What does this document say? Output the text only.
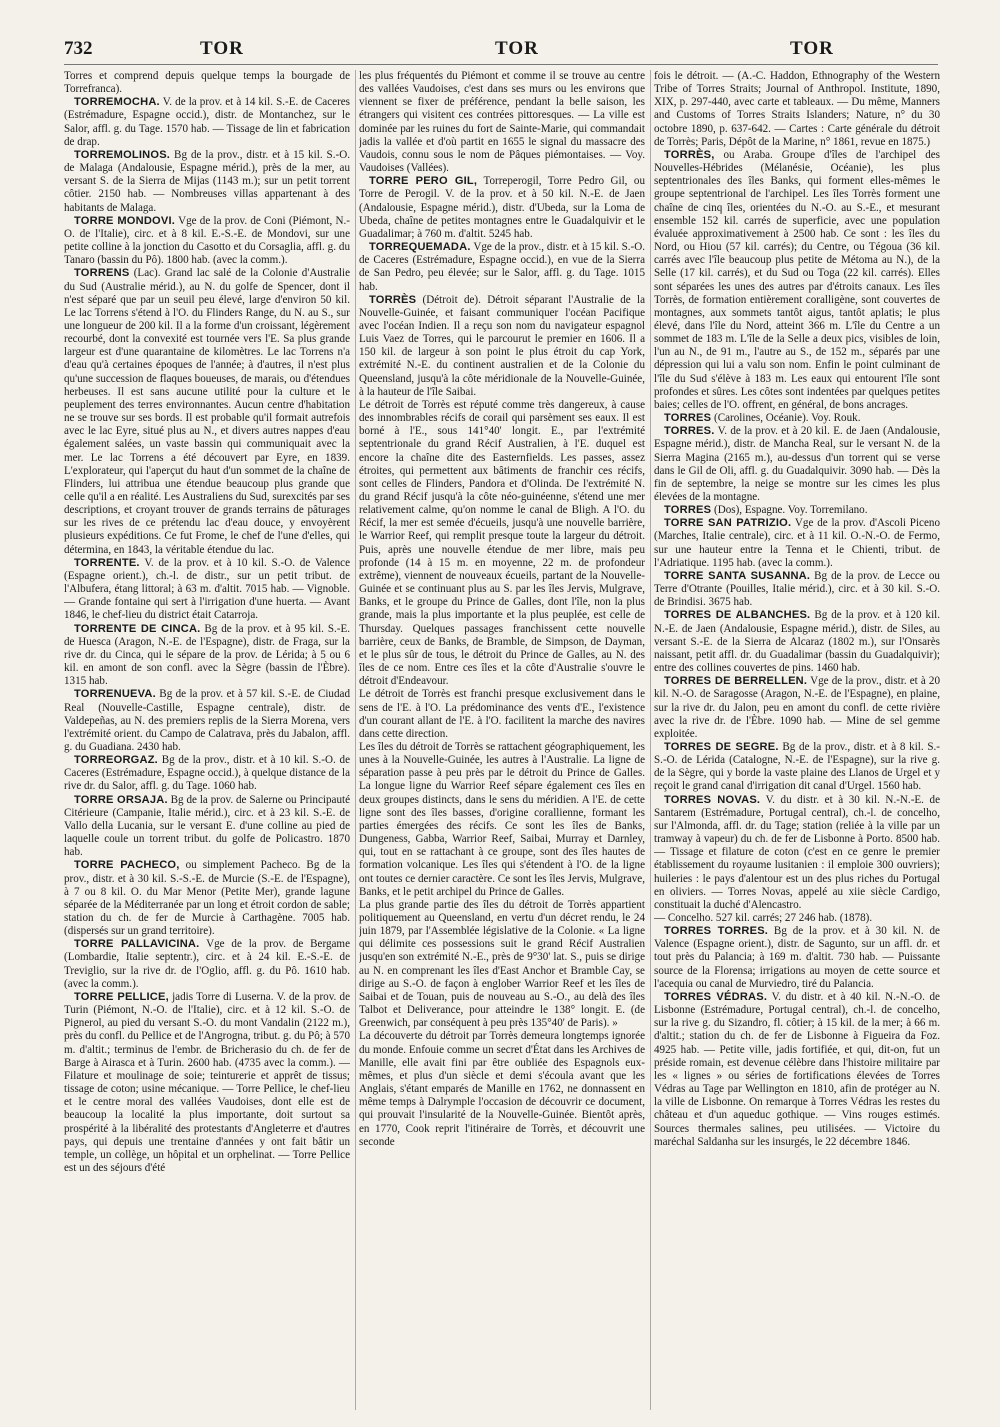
732	TOR	TOR	TOR

Torres et comprend depuis quelque temps la bourgade de Torrefranca).

TORREMOCHA. V. de la prov. et à 14 kil. S.-E. de Caceres (Estrémadure, Espagne occid.), distr. de Montanchez, sur le Salor, affl. g. du Tage. 1570 hab. — Tissage de lin et fabrication de drap.

TORREMOLINOS. Bg de la prov., distr. et à 15 kil. S.-O. de Malaga (Andalousie, Espagne mérid.), près de la mer, au versant S. de la Sierra de Mijas (1143 m.); sur un petit torrent côtier. 2150 hab. — Nombreuses villas appartenant à des habitants de Malaga.

TORRE MONDOVI. Vge de la prov. de Coni (Piémont, N.-O. de l'Italie), circ. et à 8 kil. E.-S.-E. de Mondovi, sur une petite colline à la jonction du Casotto et du Corsaglia, affl. g. du Tanaro (bassin du Pô). 1800 hab. (avec la comm.).

TORRENS (Lac). Grand lac salé de la Colonie d'Australie du Sud (Australie mérid.), au N. du golfe de Spencer, dont il n'est séparé que par un seuil peu élevé, large d'environ 50 kil. Le lac Torrens s'étend à l'O. du Flinders Range, du N. au S., sur une longueur de 200 kil. Il a la forme d'un croissant, légèrement recourbé, dont la convexité est tournée vers l'E. Sa plus grande largeur est d'une quarantaine de kilomètres. Le lac Torrens n'a d'eau qu'à certaines époques de l'année; à d'autres, il n'est plus qu'une succession de flaques boueuses, de marais, ou d'étendues herbeuses. Il est sans aucune utilité pour la culture et le peuplement des terres environnantes. Aucun centre d'habitation ne se trouve sur ses bords. Il est probable qu'il formait autrefois avec le lac Eyre, situé plus au N., et divers autres nappes d'eau également salées, un vaste bassin qui communiquait avec la mer. Le lac Torrens a été découvert par Eyre, en 1839. L'explorateur, qui l'aperçut du haut d'un sommet de la chaîne de Flinders, lui attribua une étendue beaucoup plus grande que celle qu'il a en réalité. Les Australiens du Sud, surexcités par ses descriptions, et croyant trouver de grands terrains de pâturages sur les rives de ce prétendu lac d'eau douce, y envoyèrent plusieurs expéditions. Ce fut Frome, le chef de l'une d'elles, qui détermina, en 1843, la véritable étendue du lac.

TORRENTE. V. de la prov. et à 10 kil. S.-O. de Valence (Espagne orient.), ch.-l. de distr., sur un petit tribut. de l'Albufera, étang littoral; à 63 m. d'altit. 7015 hab. — Vignoble. — Grande fontaine qui sert à l'irrigation d'une huerta. — Avant 1846, le chef-lieu du district était Catarroja.

TORRENTE DE CINCA. Bg de la prov. et à 95 kil. S.-E. de Huesca (Aragon, N.-E. de l'Espagne), distr. de Fraga, sur la rive dr. du Cinca, qui le sépare de la prov. de Lérida; à 5 ou 6 kil. en amont de son confl. avec la Sègre (bassin de l'Èbre). 1315 hab.

TORRENUEVA. Bg de la prov. et à 57 kil. S.-E. de Ciudad Real (Nouvelle-Castille, Espagne centrale), distr. de Valdepeñas, au N. des premiers replis de la Sierra Morena, vers l'extrémité orient. du Campo de Calatrava, près du Jabalon, affl. g. du Guadiana. 2430 hab.

TORREORGAZ. Bg de la prov., distr. et à 10 kil. S.-O. de Caceres (Estrémadure, Espagne occid.), à quelque distance de la rive dr. du Salor, affl. g. du Tage. 1060 hab.

TORRE ORSAJA. Bg de la prov. de Salerne ou Principauté Citérieure (Campanie, Italie mérid.), circ. et à 23 kil. S.-E. de Vallo della Lucania, sur le versant E. d'une colline au pied de laquelle coule un torrent tribut. du golfe de Policastro. 1870 hab.

TORRE PACHECO, ou simplement Pacheco. Bg de la prov., distr. et à 30 kil. S.-S.-E. de Murcie (S.-E. de l'Espagne), à 7 ou 8 kil. O. du Mar Menor (Petite Mer), grande lagune séparée de la Méditerranée par un long et étroit cordon de sable; station du ch. de fer de Murcie à Carthagène. 7005 hab. (dispersés sur un grand territoire).

TORRE PALLAVICINA. Vge de la prov. de Bergame (Lombardie, Italie septentr.), circ. et à 24 kil. E.-S.-E. de Treviglio, sur la rive dr. de l'Oglio, affl. g. du Pô. 1610 hab. (avec la comm.).

TORRE PELLICE, jadis Torre di Luserna. V. de la prov. de Turin (Piémont, N.-O. de l'Italie), circ. et à 12 kil. S.-O. de Pignerol, au pied du versant S.-O. du mont Vandalin (2122 m.), près du confl. du Pellice et de l'Angrogna, tribut. g. du Pô; à 570 m. d'altit.; terminus de l'embr. de Bricherasio du ch. de fer de Barge à Airasca et à Turin. 2600 hab. (4735 avec la comm.). — Filature et moulinage de soie; teinturerie et apprêt de tissus; tissage de coton; usine mécanique. — Torre Pellice, le chef-lieu et le centre moral des vallées Vaudoises, dont elle est de beaucoup la localité la plus importante, doit surtout sa prospérité à la libéralité des protestants d'Angleterre et d'autres pays, qui depuis une trentaine d'années y ont fait bâtir un temple, un collège, un hôpital et un orphelinat. — Torre Pellice est un des séjours d'été

les plus fréquentés du Piémont et comme il se trouve au centre des vallées Vaudoises, c'est dans ses murs ou les environs que viennent se fixer de préférence, pendant la belle saison, les étrangers qui visitent ces contrées pittoresques. — La ville est dominée par les ruines du fort de Sainte-Marie, qui commandait jadis la vallée et d'où partit en 1655 le signal du massacre des Vaudois, connu sous le nom de Pâques piémontaises. — Voy. Vaudoises (Vallées).

TORRE PERO GIL, Torreperogil, Torre Pedro Gil, ou Torre de Perogil. V. de la prov. et à 50 kil. N.-E. de Jaen (Andalousie, Espagne mérid.), distr. d'Ubeda, sur la Loma de Ubeda, chaîne de petites montagnes entre le Guadalquivir et le Guadalimar; à 760 m. d'altit. 5245 hab.

TORREQUEMADA. Vge de la prov., distr. et à 15 kil. S.-O. de Caceres (Estrémadure, Espagne occid.), en vue de la Sierra de San Pedro, peu élevée; sur le Salor, affl. g. du Tage. 1015 hab.

TORRÈS (Détroit de). Détroit séparant l'Australie de la Nouvelle-Guinée, et faisant communiquer l'océan Pacifique avec l'océan Indien. Il a reçu son nom du navigateur espagnol Luis Vaez de Torres, qui le parcourut le premier en 1606. Il a 150 kil. de largeur à son point le plus étroit du cap York, extrémité N.-E. du continent australien et de la Colonie du Queensland, jusqu'à la côte méridionale de la Nouvelle-Guinée, à la hauteur de l'île Saibai.

Le détroit de Torrès est réputé comme très dangereux, à cause des innombrables récifs de corail qui parsèment ses eaux. Il est borné à l'E., sous 141°40' longit. E., par l'extrémité septentrionale du grand Récif Australien, à l'E. duquel est encore la chaîne dite des Easternfields. Les passes, assez étroites, qui permettent aux bâtiments de franchir ces récifs, sont celles de Flinders, Pandora et d'Olinda. De l'extrémité N. du grand Récif jusqu'à la côte néo-guinéenne, s'étend une mer relativement calme, qu'on nomme le canal de Bligh. A l'O. du Récif, la mer est semée d'écueils, jusqu'à une nouvelle barrière, le Warrior Reef, qui remplit presque toute la largeur du détroit. Puis, après une nouvelle étendue de mer libre, mais peu profonde (14 à 15 m. en moyenne, 22 m. de profondeur extrême), viennent de nouveaux écueils, partant de la Nouvelle-Guinée et se continuant plus au S. par les îles Jervis, Mulgrave, Banks, et le groupe du Prince de Galles, dont l'île, non la plus grande, mais la plus importante et la plus peuplée, est celle de Thursday. Quelques passages franchissent cette nouvelle barrière, ceux de Banks, de Bramble, de Simpson, de Dayman, et le plus sûr de tous, le détroit du Prince de Galles, au N. des îles de ce nom. Entre ces îles et la côte d'Australie s'ouvre le détroit d'Endeavour.

Le détroit de Torrès est franchi presque exclusivement dans le sens de l'E. à l'O. La prédominance des vents d'E., l'existence d'un courant allant de l'E. à l'O. facilitent la marche des navires dans cette direction.

Les îles du détroit de Torrès se rattachent géographiquement, les unes à la Nouvelle-Guinée, les autres à l'Australie. La ligne de séparation passe à peu près par le détroit du Prince de Galles. La longue ligne du Warrior Reef sépare également ces îles en deux groupes distincts, dans le sens du méridien. A l'E. de cette ligne sont des îles basses, d'origine corallienne, formant les parties émergées des récifs. Ce sont les îles de Banks, Dungeness, Gabba, Warrior Reef, Saibai, Murray et Darnley, qui, tout en se rattachant à ce groupe, sont des îles hautes de formation volcanique. Les îles qui s'étendent à l'O. de la ligne ont toutes ce dernier caractère. Ce sont les îles Jervis, Mulgrave, Banks, et le petit archipel du Prince de Galles.

La plus grande partie des îles du détroit de Torrès appartient politiquement au Queensland, en vertu d'un décret rendu, le 24 juin 1879, par l'Assemblée législative de la Colonie. « La ligne qui délimite ces possessions suit le grand Récif Australien jusqu'en son extrémité N.-E., près de 9°30' lat. S., puis se dirige au N. en comprenant les îles d'East Anchor et Bramble Cay, se dirige au S.-O. de façon à englober Warrior Reef et les îles de Saibai et de Touan, puis de nouveau au S.-O., au delà des îles Talbot et Deliverance, pour atteindre le 138° longit. E. (de Greenwich, par conséquent à peu près 135°40' de Paris). »

La découverte du détroit par Torrès demeura longtemps ignorée du monde. Enfouie comme un secret d'État dans les Archives de Manille, elle avait fini par être oubliée des Espagnols eux-mêmes, et plus d'un siècle et demi s'écoula avant que les Anglais, s'étant emparés de Manille en 1762, ne donnassent en même temps à Dalrymple l'occasion de découvrir ce document, qui prouvait l'insularité de la Nouvelle-Guinée. Bientôt après, en 1770, Cook reprit l'itinéraire de Torrès, et découvrit une seconde

fois le détroit. — (A.-C. Haddon, Ethnography of the Western Tribe of Torres Straits; Journal of Anthropol. Institute, 1890, XIX, p. 297-440, avec carte et tableaux. — Du même, Manners and Customs of Torres Straits Islanders; Nature, n° du 30 octobre 1890, p. 637-642. — Cartes : Carte générale du détroit de Torrès; Paris, Dépôt de la Marine, n° 1861, revue en 1875.)

TORRÈS, ou Araba. Groupe d'îles de l'archipel des Nouvelles-Hébrides (Mélanésie, Océanie), les plus septentrionales des îles Banks, qui forment elles-mêmes le groupe septentrional de l'archipel. Les îles Torrès forment une chaîne de cinq îles, orientées du N.-O. au S.-E., et mesurant ensemble 152 kil. carrés de superficie, avec une population évaluée approximativement à 2500 hab. Ce sont : les îles du Nord, ou Hiou (57 kil. carrés); du Centre, ou Tégoua (36 kil. carrés avec l'île beaucoup plus petite de Métoma au N.), de la Selle (17 kil. carrés), et du Sud ou Toga (22 kil. carrés). Elles sont séparées les unes des autres par d'étroits canaux. Les îles Torrès, de formation entièrement coralligène, sont couvertes de montagnes, aux sommets tantôt aigus, tantôt aplatis; le plus élevé, dans l'île du Nord, atteint 366 m. L'île du Centre a un sommet de 183 m. L'île de la Selle a deux pics, visibles de loin, l'un au N., de 91 m., l'autre au S., de 152 m., séparés par une dépression qui lui a valu son nom. Enfin le point culminant de l'île du Sud s'élève à 183 m. Les eaux qui entourent l'île sont profondes et sûres. Les côtes sont indentées par quelques petites baies; celles de l'O. offrent, en général, de bons ancrages.

TORRES (Carolines, Océanie). Voy. Rouk.

TORRES. V. de la prov. et à 20 kil. E. de Jaen (Andalousie, Espagne mérid.), distr. de Mancha Real, sur le versant N. de la Sierra Magina (2165 m.), au-dessus d'un torrent qui se verse dans le Gil de Oli, affl. g. du Guadalquivir. 3090 hab. — Dès la fin de septembre, la neige se montre sur les cimes les plus élevées de la montagne.

TORRES (Dos), Espagne. Voy. Torremilano.

TORRE SAN PATRIZIO. Vge de la prov. d'Ascoli Piceno (Marches, Italie centrale), circ. et à 11 kil. O.-N.-O. de Fermo, sur une hauteur entre la Tenna et le Chienti, tribut. de l'Adriatique. 1195 hab. (avec la comm.).

TORRE SANTA SUSANNA. Bg de la prov. de Lecce ou Terre d'Otrante (Pouilles, Italie mérid.), circ. et à 30 kil. S.-O. de Brindisi. 3675 hab.

TORRES DE ALBANCHES. Bg de la prov. et à 120 kil. N.-E. de Jaen (Andalousie, Espagne mérid.), distr. de Siles, au versant S.-E. de la Sierra de Alcaraz (1802 m.), sur l'Onsarès naissant, petit affl. dr. du Guadalimar (bassin du Guadalquivir); entre des collines couvertes de pins. 1460 hab.

TORRES DE BERRELLEN. Vge de la prov., distr. et à 20 kil. N.-O. de Saragosse (Aragon, N.-E. de l'Espagne), en plaine, sur la rive dr. du Jalon, peu en amont du confl. de cette rivière avec la rive dr. de l'Èbre. 1090 hab. — Mine de sel gemme exploitée.

TORRES DE SEGRE. Bg de la prov., distr. et à 8 kil. S.-S.-O. de Lérida (Catalogne, N.-E. de l'Espagne), sur la rive g. de la Sègre, qui y borde la vaste plaine des Llanos de Urgel et y reçoit le grand canal d'irrigation dit canal d'Urgel. 1560 hab.

TORRES NOVAS. V. du distr. et à 30 kil. N.-N.-E. de Santarem (Estrémadure, Portugal central), ch.-l. de concelho, sur l'Almonda, affl. dr. du Tage; station (reliée à la ville par un tramway à vapeur) du ch. de fer de Lisbonne à Porto. 8500 hab. — Tissage et filature de coton (c'est en ce genre le premier établissement du royaume lusitanien : il emploie 300 ouvriers); huileries : le pays d'alentour est un des plus riches du Portugal en oliviers. — Torres Novas, appelé au xiie siècle Cardigo, constituait la duché d'Alencastro.

— Concelho. 527 kil. carrés; 27 246 hab. (1878).

TORRES TORRES. Bg de la prov. et à 30 kil. N. de Valence (Espagne orient.), distr. de Sagunto, sur un affl. dr. et tout près du Palancia; à 169 m. d'altit. 730 hab. — Puissante source de la Florensa; irrigations au moyen de cette source et l'acequia ou canal de Murviedro, tiré du Palancia.

TORRES VÉDRAS. V. du distr. et à 40 kil. N.-N.-O. de Lisbonne (Estrémadure, Portugal central), ch.-l. de concelho, sur la rive g. du Sizandro, fl. côtier; à 15 kil. de la mer; à 66 m. d'altit.; station du ch. de fer de Lisbonne à Figueira da Foz. 4925 hab. — Petite ville, jadis fortifiée, et qui, dit-on, fut un préside romain, est devenue célèbre dans l'histoire militaire par les « lignes » ou séries de fortifications élevées de Torres Védras au Tage par Wellington en 1810, afin de protéger au N. la ville de Lisbonne. On remarque à Torres Védras les restes du château et d'un aqueduc gothique. — Vins rouges estimés. Sources thermales salines, peu utilisées. — Victoire du maréchal Saldanha sur les insurgés, le 22 décembre 1846.
